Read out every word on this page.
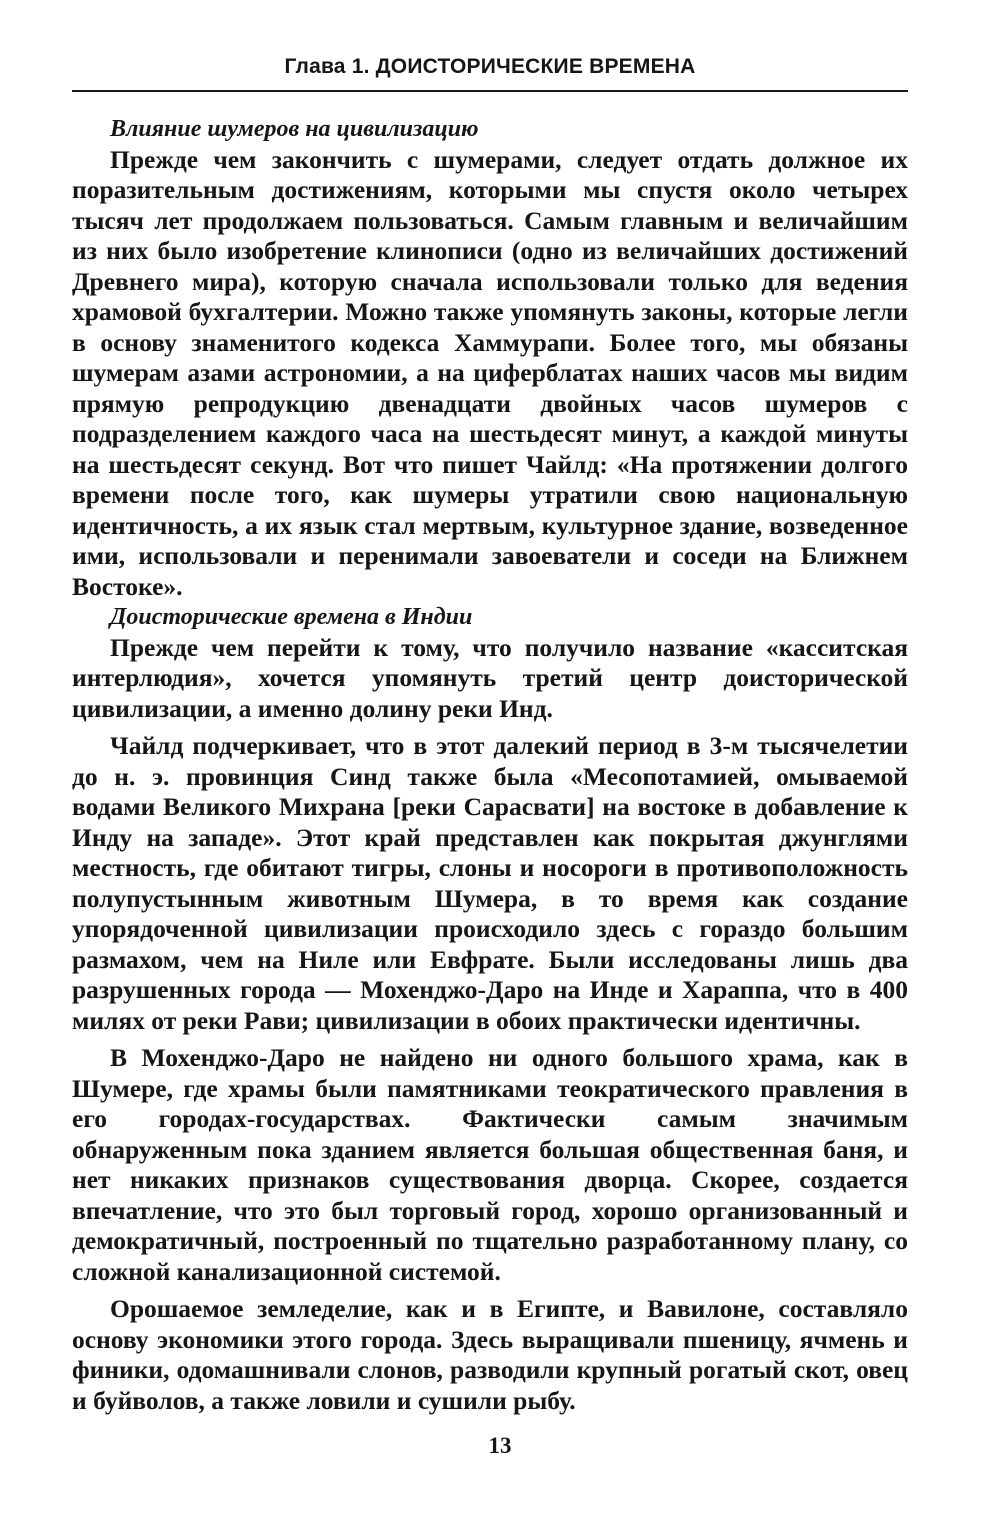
Глава 1. ДОИСТОРИЧЕСКИЕ ВРЕМЕНА
Влияние шумеров на цивилизацию

Прежде чем закончить с шумерами, следует отдать должное их поразительным достижениям, которыми мы спустя около четырех тысяч лет продолжаем пользоваться. Самым главным и величайшим из них было изобретение клинописи (одно из величайших достижений Древнего мира), которую сначала использовали только для ведения храмовой бухгалтерии. Можно также упомянуть законы, которые легли в основу знаменитого кодекса Хаммурапи. Более того, мы обязаны шумерам азами астрономии, а на циферблатах наших часов мы видим прямую репродукцию двенадцати двойных часов шумеров с подразделением каждого часа на шестьдесят минут, а каждой минуты на шестьдесят секунд. Вот что пишет Чайлд: «На протяжении долгого времени после того, как шумеры утратили свою национальную идентичность, а их язык стал мертвым, культурное здание, возведенное ими, использовали и перенимали завоеватели и соседи на Ближнем Востоке».

Доисторические времена в Индии

Прежде чем перейти к тому, что получило название «касситская интерлюдия», хочется упомянуть третий центр доисторической цивилизации, а именно долину реки Инд.

Чайлд подчеркивает, что в этот далекий период в 3-м тысячелетии до н. э. провинция Синд также была «Месопотамией, омываемой водами Великого Михрана [реки Сарасвати] на востоке в добавление к Инду на западе». Этот край представлен как покрытая джунглями местность, где обитают тигры, слоны и носороги в противоположность полупустынным животным Шумера, в то время как создание упорядоченной цивилизации происходило здесь с гораздо большим размахом, чем на Ниле или Евфрате. Были исследованы лишь два разрушенных города — Мохенджо-Даро на Инде и Хараппа, что в 400 милях от реки Рави; цивилизации в обоих практически идентичны.

В Мохенджо-Даро не найдено ни одного большого храма, как в Шумере, где храмы были памятниками теократического правления в его городах-государствах. Фактически самым значимым обнаруженным пока зданием является большая общественная баня, и нет никаких признаков существования дворца. Скорее, создается впечатление, что это был торговый город, хорошо организованный и демократичный, построенный по тщательно разработанному плану, со сложной канализационной системой.

Орошаемое земледелие, как и в Египте, и Вавилоне, составляло основу экономики этого города. Здесь выращивали пшеницу, ячмень и финики, одомашнивали слонов, разводили крупный рогатый скот, овец и буйволов, а также ловили и сушили рыбу.

13
